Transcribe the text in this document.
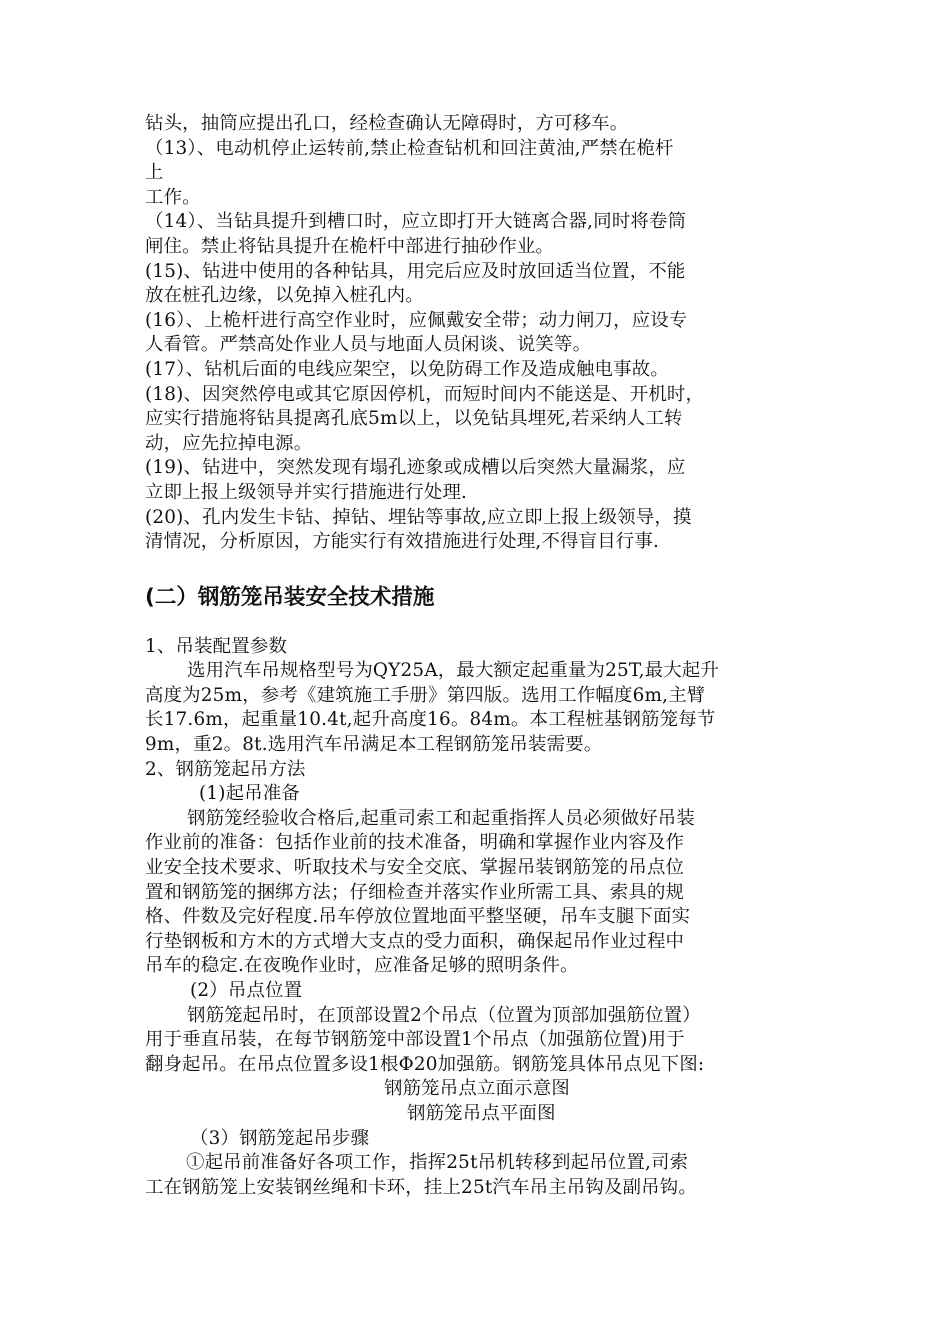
钻头，抽筒应提出孔口，经检查确认无障碍时，方可移车。
（13）、电动机停止运转前,禁止检查钻机和回注黄油,严禁在桅杆
上
工作。
（14）、当钻具提升到槽口时，应立即打开大链离合器,同时将卷筒
闸住。禁止将钻具提升在桅杆中部进行抽砂作业。
(15)、钻进中使用的各种钻具，用完后应及时放回适当位置，不能
放在桩孔边缘，以免掉入桩孔内。
(16）、上桅杆进行高空作业时，应佩戴安全带；动力闸刀，应设专
人看管。严禁高处作业人员与地面人员闲谈、说笑等。
(17）、钻机后面的电线应架空，以免防碍工作及造成触电事故。
(18)、因突然停电或其它原因停机，而短时间内不能送是、开机时，
应实行措施将钻具提离孔底5m以上，以免钻具埋死,若采纳人工转
动，应先拉掉电源。
(19)、钻进中，突然发现有塌孔迹象或成槽以后突然大量漏浆，应
立即上报上级领导并实行措施进行处理.
(20)、孔内发生卡钻、掉钻、埋钻等事故,应立即上报上级领导，摸
清情况，分析原因，方能实行有效措施进行处理,不得盲目行事.
(二）钢筋笼吊装安全技术措施
1、吊装配置参数
选用汽车吊规格型号为QY25A，最大额定起重量为25T,最大起升
高度为25m，参考《建筑施工手册》第四版。选用工作幅度6m,主臂
长17.6m，起重量10.4t,起升高度16。84m。本工程桩基钢筋笼每节
9m，重2。8t.选用汽车吊满足本工程钢筋笼吊装需要。
2、钢筋笼起吊方法
(1)起吊准备
钢筋笼经验收合格后,起重司索工和起重指挥人员必须做好吊装
作业前的准备：包括作业前的技术准备，明确和掌握作业内容及作
业安全技术要求、听取技术与安全交底、掌握吊装钢筋笼的吊点位
置和钢筋笼的捆绑方法；仔细检查并落实作业所需工具、索具的规
格、件数及完好程度.吊车停放位置地面平整坚硬，吊车支腿下面实
行垫钢板和方木的方式增大支点的受力面积，确保起吊作业过程中
吊车的稳定.在夜晚作业时，应准备足够的照明条件。
(2）吊点位置
钢筋笼起吊时，在顶部设置2个吊点（位置为顶部加强筋位置）
用于垂直吊装，在每节钢筋笼中部设置1个吊点（加强筋位置)用于
翻身起吊。在吊点位置多设1根Φ20加强筋。钢筋笼具体吊点见下图:
钢筋笼吊点立面示意图
钢筋笼吊点平面图
（3）钢筋笼起吊步骤
①起吊前准备好各项工作，指挥25t吊机转移到起吊位置,司索
工在钢筋笼上安装钢丝绳和卡环，挂上25t汽车吊主吊钩及副吊钩。
